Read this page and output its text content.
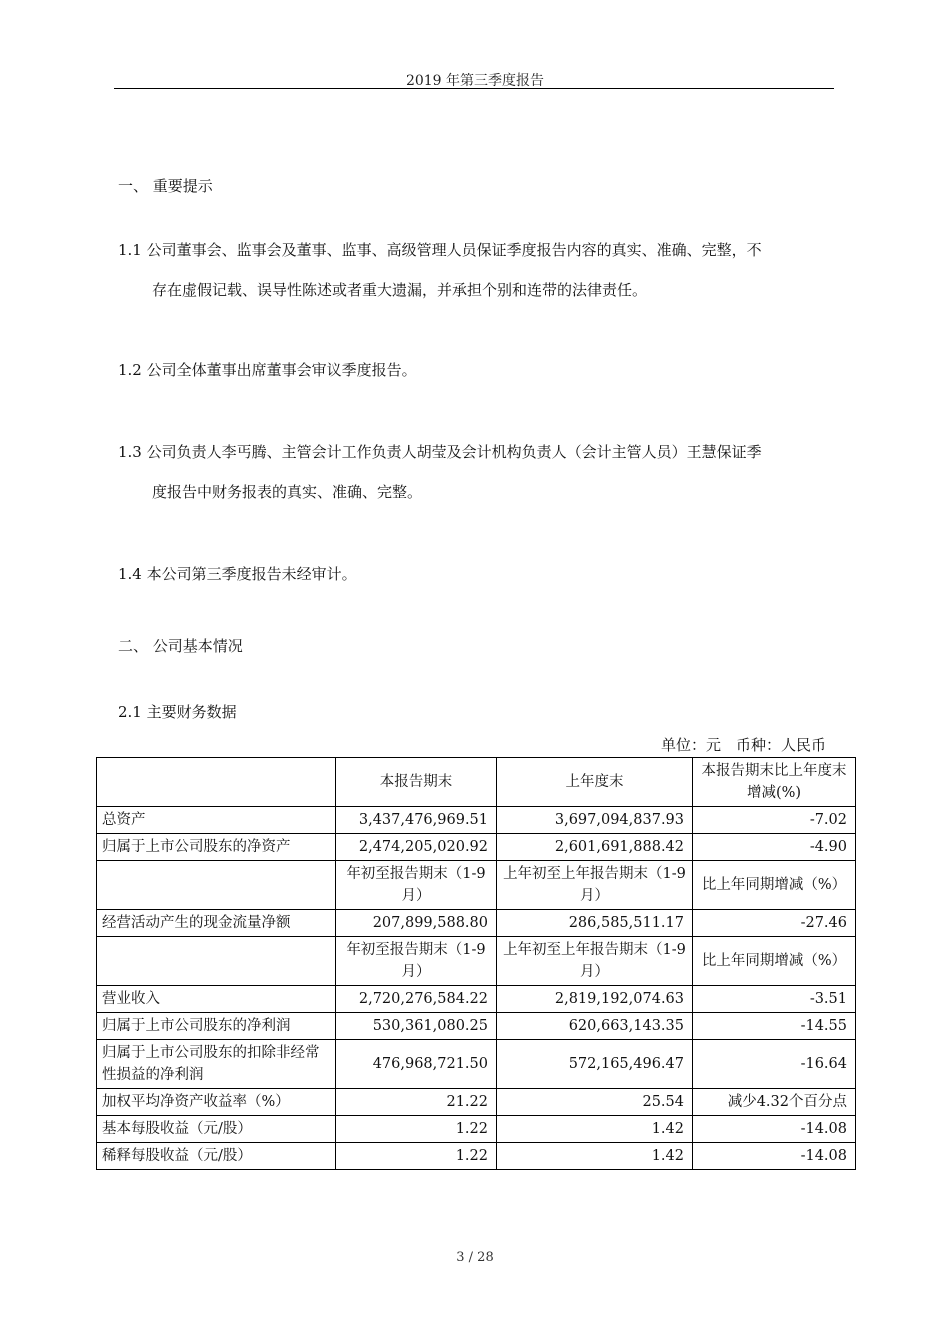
2019 年第三季度报告
一、 重要提示
1.1 公司董事会、监事会及董事、监事、高级管理人员保证季度报告内容的真实、准确、完整，不
存在虚假记载、误导性陈述或者重大遗漏，并承担个别和连带的法律责任。
1.2 公司全体董事出席董事会审议季度报告。
1.3 公司负责人李丐腾、主管会计工作负责人胡莹及会计机构负责人（会计主管人员）王慧保证季
度报告中财务报表的真实、准确、完整。
1.4 本公司第三季度报告未经审计。
二、 公司基本情况
2.1 主要财务数据
单位：元　币种：人民币
	本报告期末	上年度末	本报告期末比上年度末增减(%)
总资产	3,437,476,969.51	3,697,094,837.93	-7.02
归属于上市公司股东的净资产	2,474,205,020.92	2,601,691,888.42	-4.90
	年初至报告期末（1-9月）	上年初至上年报告期末（1-9月）	比上年同期增减（%）
经营活动产生的现金流量净额	207,899,588.80	286,585,511.17	-27.46
	年初至报告期末（1-9月）	上年初至上年报告期末（1-9月）	比上年同期增减（%）
营业收入	2,720,276,584.22	2,819,192,074.63	-3.51
归属于上市公司股东的净利润	530,361,080.25	620,663,143.35	-14.55
归属于上市公司股东的扣除非经常性损益的净利润	476,968,721.50	572,165,496.47	-16.64
加权平均净资产收益率（%）	21.22	25.54	减少4.32个百分点
基本每股收益（元/股）	1.22	1.42	-14.08
稀释每股收益（元/股）	1.22	1.42	-14.08
3 / 28
